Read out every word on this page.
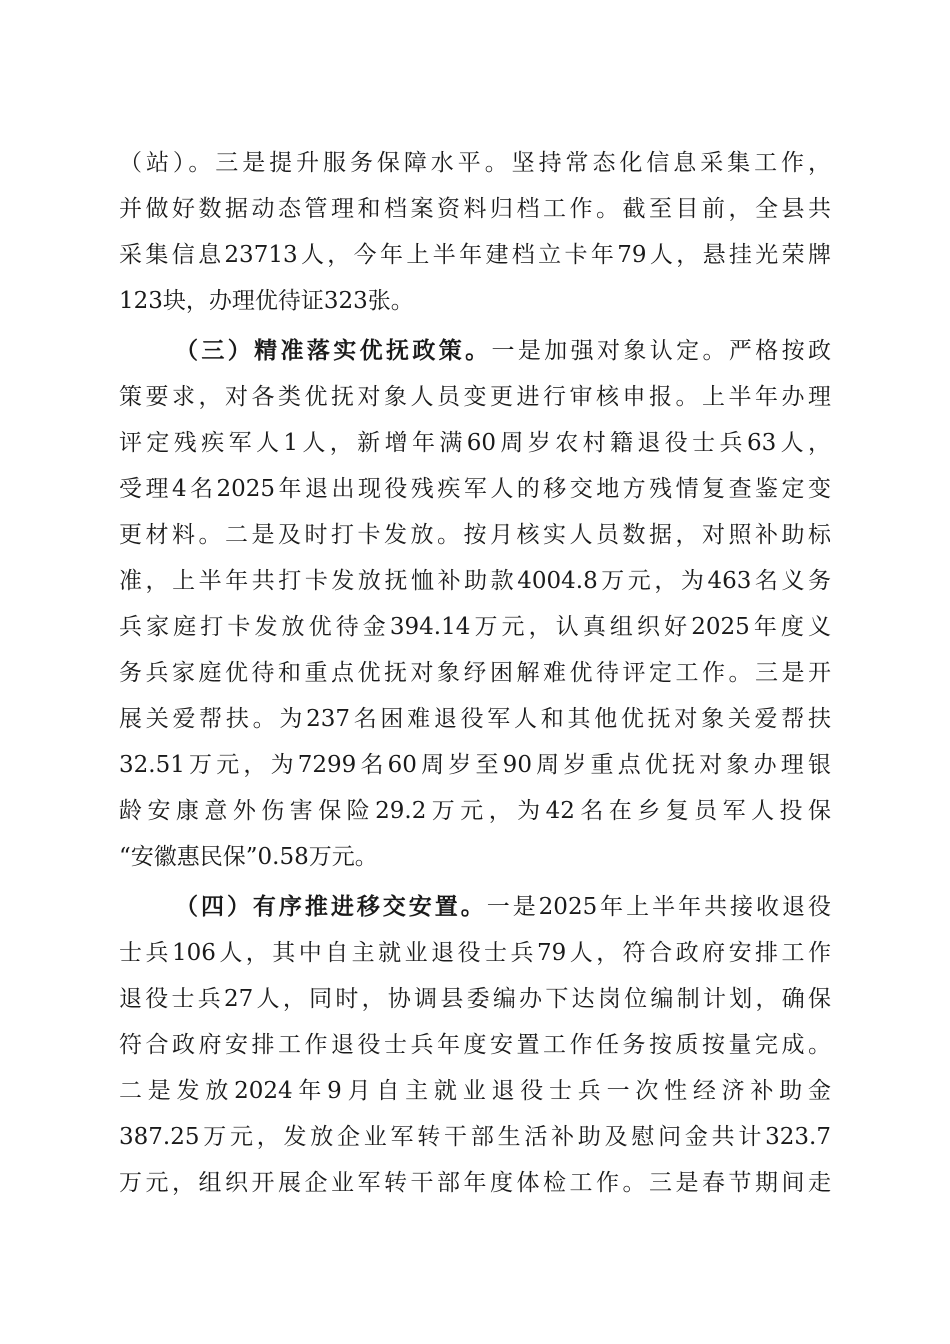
（站）。三是提升服务保障水平。坚持常态化信息采集工作，
并做好数据动态管理和档案资料归档工作。截至目前，全县共
采集信息23713人，今年上半年建档立卡年79人，悬挂光荣牌
123块，办理优待证323张。
（三）精准落实优抚政策。一是加强对象认定。严格按政
策要求，对各类优抚对象人员变更进行审核申报。上半年办理
评定残疾军人1人，新增年满60周岁农村籍退役士兵63人，
受理4名2025年退出现役残疾军人的移交地方残情复查鉴定变
更材料。二是及时打卡发放。按月核实人员数据，对照补助标
准，上半年共打卡发放抚恤补助款4004.8万元，为463名义务
兵家庭打卡发放优待金394.14万元，认真组织好2025年度义
务兵家庭优待和重点优抚对象纾困解难优待评定工作。三是开
展关爱帮扶。为237名困难退役军人和其他优抚对象关爱帮扶
32.51万元，为7299名60周岁至90周岁重点优抚对象办理银
龄安康意外伤害保险29.2万元，为42名在乡复员军人投保
“安徽惠民保”0.58万元。
（四）有序推进移交安置。一是2025年上半年共接收退役
士兵106人，其中自主就业退役士兵79人，符合政府安排工作
退役士兵27人，同时，协调县委编办下达岗位编制计划，确保
符合政府安排工作退役士兵年度安置工作任务按质按量完成。
二是发放2024年9月自主就业退役士兵一次性经济补助金
387.25万元，发放企业军转干部生活补助及慰问金共计323.7
万元，组织开展企业军转干部年度体检工作。三是春节期间走
